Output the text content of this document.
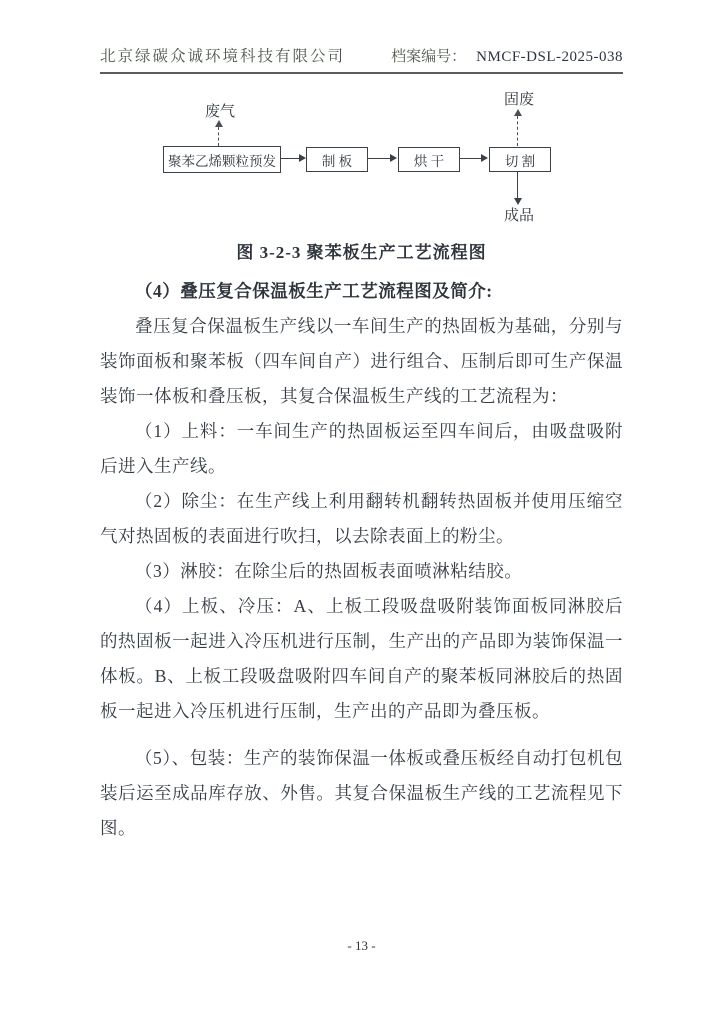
北京绿碳众诚环境科技有限公司	档案编号： NMCF-DSL-2025-038
废气
固废
聚苯乙烯颗粒预发	制 板	烘 干	切 割
成品
图 3-2-3 聚苯板生产工艺流程图

（4）叠压复合保温板生产工艺流程图及简介:

叠压复合保温板生产线以一车间生产的热固板为基础，分别与装饰面板和聚苯板（四车间自产）进行组合、压制后即可生产保温装饰一体板和叠压板，其复合保温板生产线的工艺流程为：

（1）上料：一车间生产的热固板运至四车间后，由吸盘吸附后进入生产线。

（2）除尘：在生产线上利用翻转机翻转热固板并使用压缩空气对热固板的表面进行吹扫，以去除表面上的粉尘。

（3）淋胶：在除尘后的热固板表面喷淋粘结胶。

（4）上板、冷压：A、上板工段吸盘吸附装饰面板同淋胶后的热固板一起进入冷压机进行压制，生产出的产品即为装饰保温一体板。B、上板工段吸盘吸附四车间自产的聚苯板同淋胶后的热固板一起进入冷压机进行压制，生产出的产品即为叠压板。

（5）、包装：生产的装饰保温一体板或叠压板经自动打包机包装后运至成品库存放、外售。其复合保温板生产线的工艺流程见下图。

- 13 -
